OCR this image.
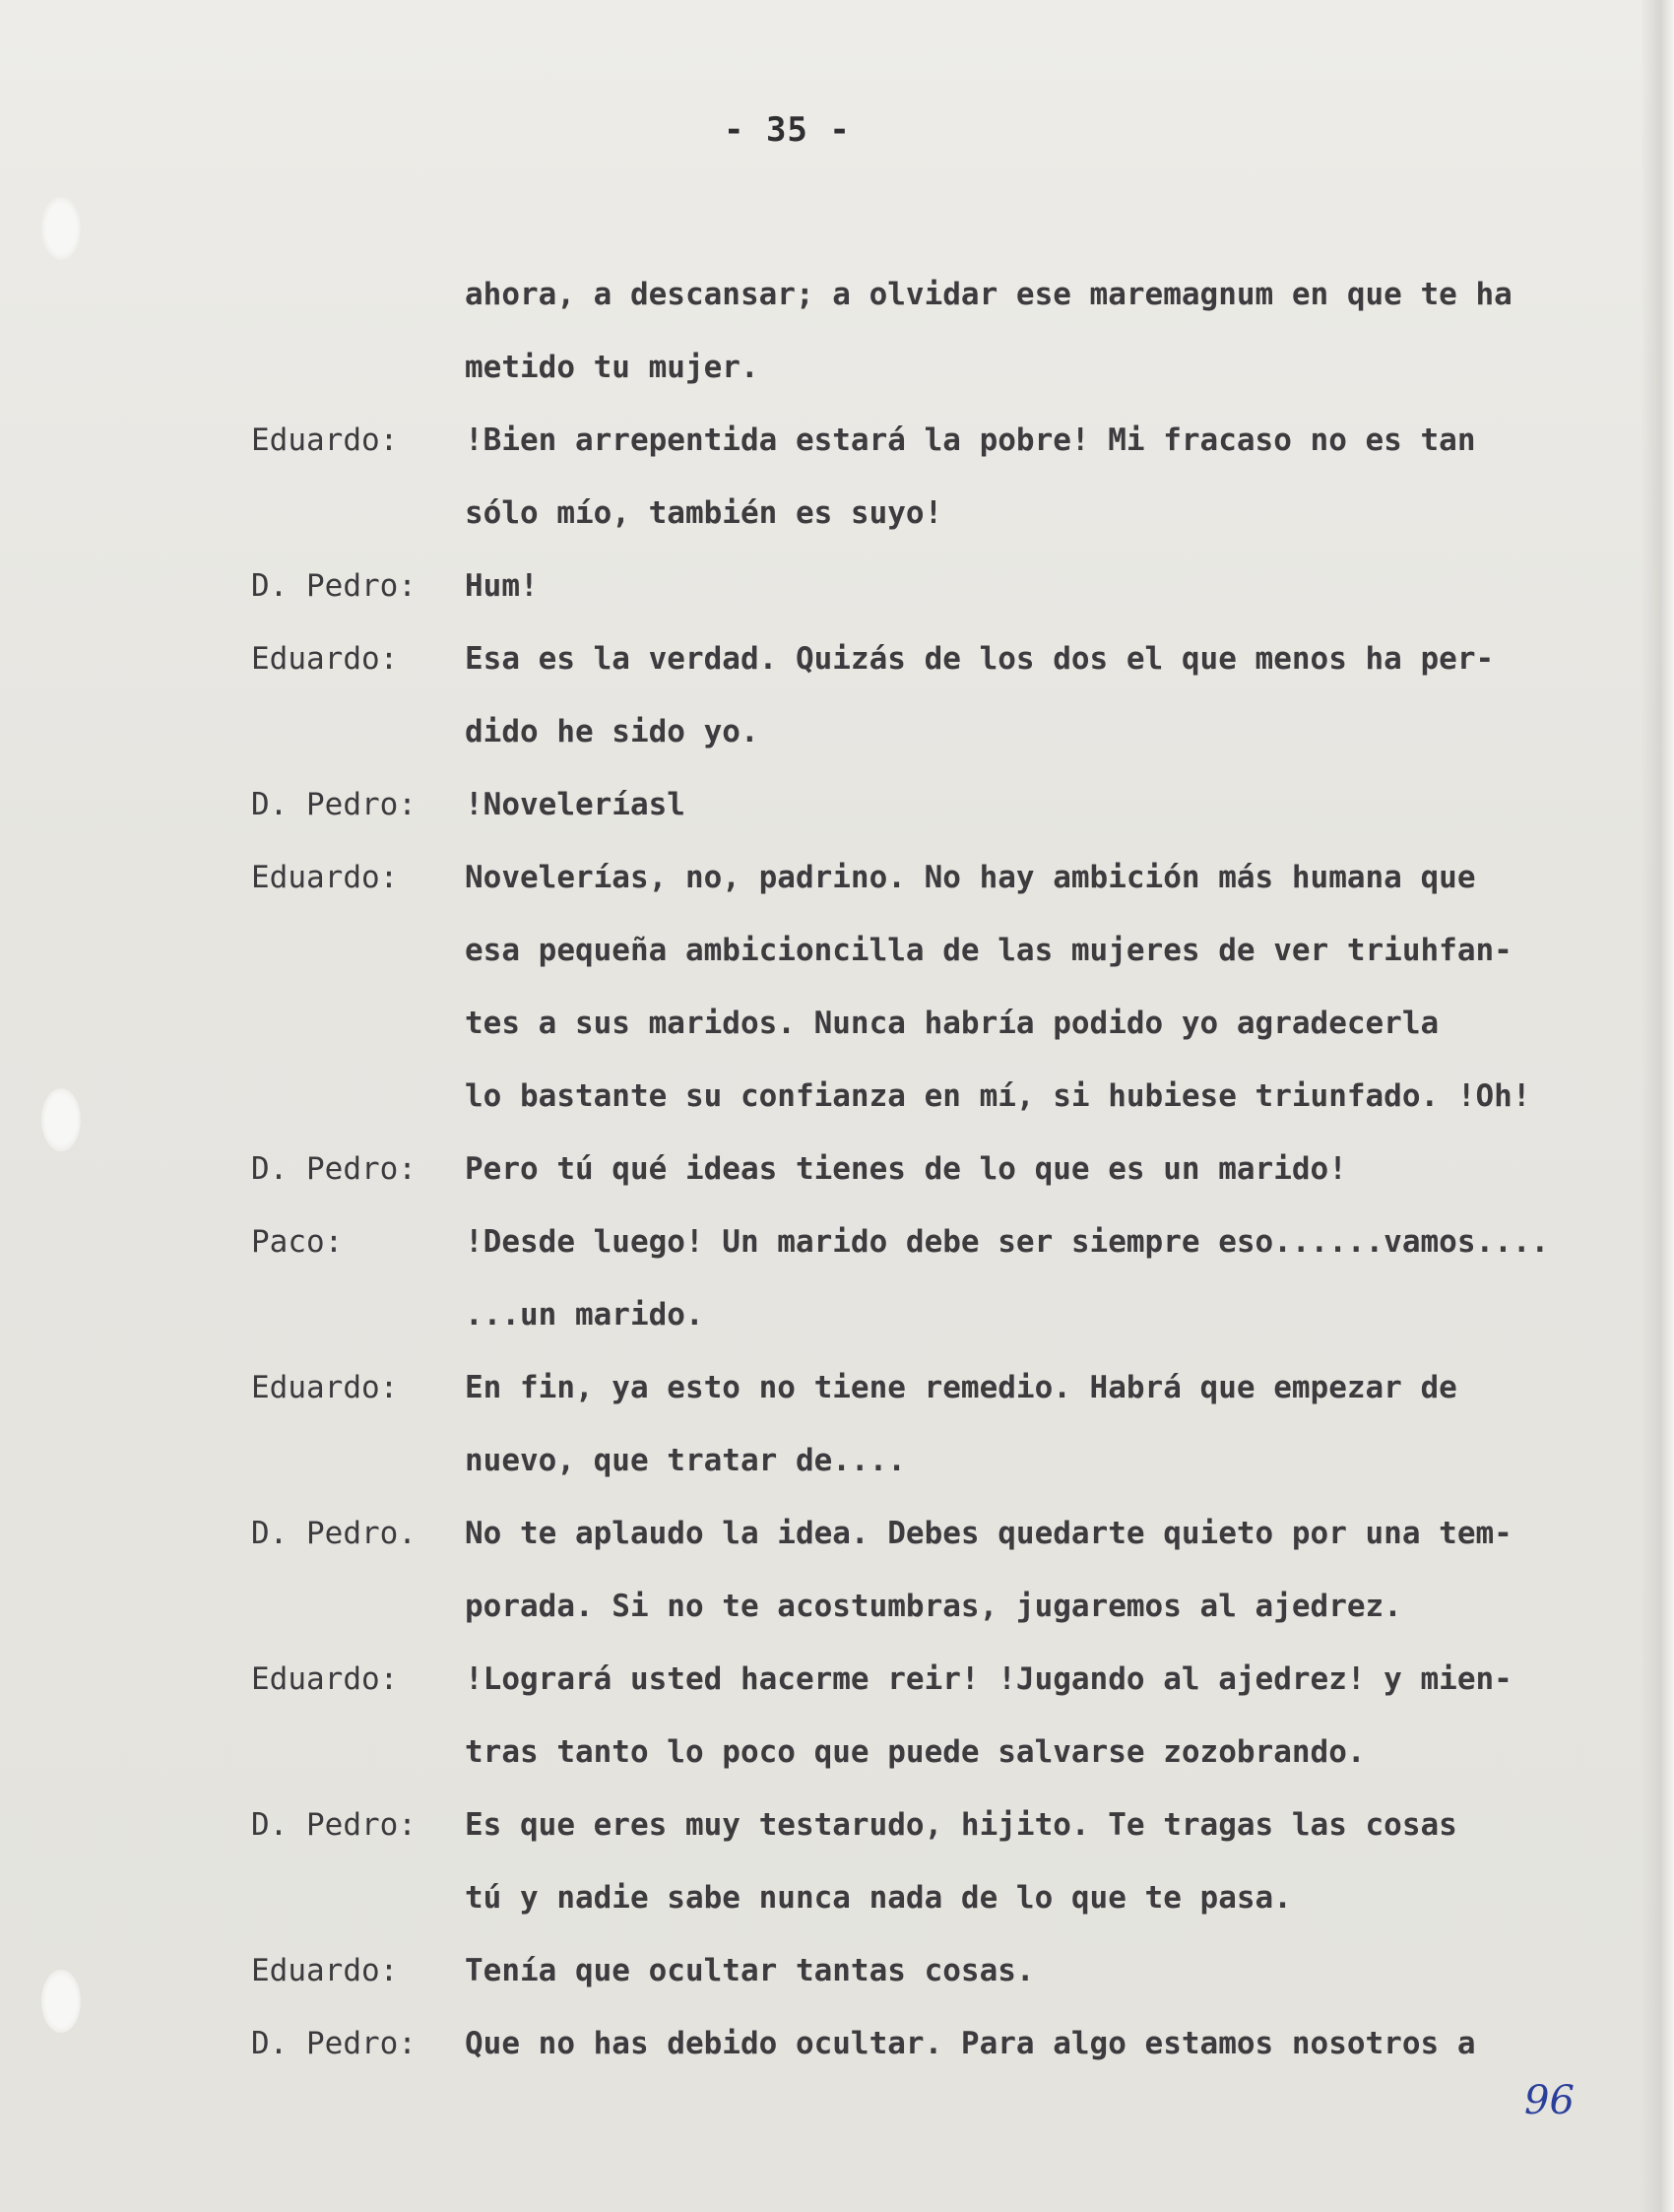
- 35 -
ahora, a descansar; a olvidar ese maremagnum en que te ha
metido tu mujer.
Eduardo:	!Bien arrepentida estará la pobre! Mi fracaso no es tan
sólo mío, también es suyo!
D. Pedro:	Hum!
Eduardo:	Esa es la verdad. Quizás de los dos el que menos ha per-
dido he sido yo.
D. Pedro:	!Noveleríasl
Eduardo:	Novelerías, no, padrino. No hay ambición más humana que
esa pequeña ambicioncilla de las mujeres de ver triuhfan-
tes a sus maridos. Nunca habría podido yo agradecerla
lo bastante su confianza en mí, si hubiese triunfado. !Oh!
D. Pedro:	Pero tú qué ideas tienes de lo que es un marido!
Paco:	!Desde luego! Un marido debe ser siempre eso......vamos....
...un marido.
Eduardo:	En fin, ya esto no tiene remedio. Habrá que empezar de
nuevo, que tratar de....
D. Pedro.	No te aplaudo la idea. Debes quedarte quieto por una tem-
porada. Si no te acostumbras, jugaremos al ajedrez.
Eduardo:	!Logrará usted hacerme reir! !Jugando al ajedrez! y mien-
tras tanto lo poco que puede salvarse zozobrando.
D. Pedro:	Es que eres muy testarudo, hijito. Te tragas las cosas
tú y nadie sabe nunca nada de lo que te pasa.
Eduardo:	Tenía que ocultar tantas cosas.
D. Pedro:	Que no has debido ocultar. Para algo estamos nosotros a
96
